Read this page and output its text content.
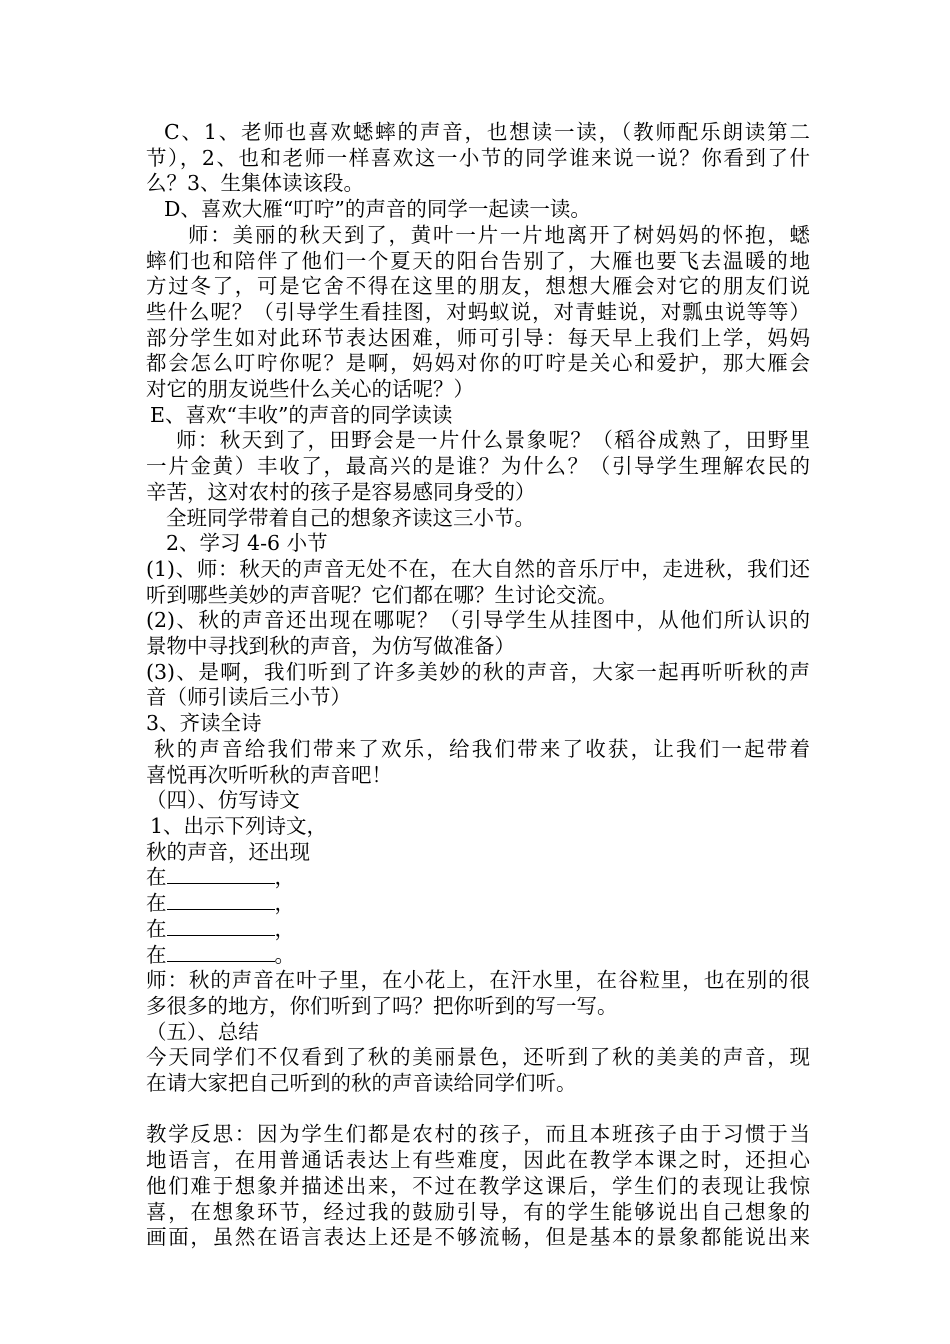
C、1、老师也喜欢蟋蟀的声音，也想读一读，（教师配乐朗读第二
节），2、也和老师一样喜欢这一小节的同学谁来说一说？你看到了什
么？3、生集体读该段。
D、喜欢大雁“叮咛”的声音的同学一起读一读。
师：美丽的秋天到了，黄叶一片一片地离开了树妈妈的怀抱，蟋
蟀们也和陪伴了他们一个夏天的阳台告别了，大雁也要飞去温暖的地
方过冬了，可是它舍不得在这里的朋友，想想大雁会对它的朋友们说
些什么呢？（引导学生看挂图，对蚂蚁说，对青蛙说，对瓢虫说等等）
部分学生如对此环节表达困难，师可引导：每天早上我们上学，妈妈
都会怎么叮咛你呢？是啊，妈妈对你的叮咛是关心和爱护，那大雁会
对它的朋友说些什么关心的话呢？）
E、喜欢“丰收”的声音的同学读读
师：秋天到了，田野会是一片什么景象呢？（稻谷成熟了，田野里
一片金黄）丰收了，最高兴的是谁？为什么？（引导学生理解农民的
辛苦，这对农村的孩子是容易感同身受的）
全班同学带着自己的想象齐读这三小节。
2、学习 4-6 小节
(1)、师：秋天的声音无处不在，在大自然的音乐厅中，走进秋，我们还
听到哪些美妙的声音呢？它们都在哪？生讨论交流。
(2)、秋的声音还出现在哪呢？（引导学生从挂图中，从他们所认识的
景物中寻找到秋的声音，为仿写做准备）
(3)、是啊，我们听到了许多美妙的秋的声音，大家一起再听听秋的声
音（师引读后三小节）
3、齐读全诗
秋的声音给我们带来了欢乐，给我们带来了收获，让我们一起带着
喜悦再次听听秋的声音吧！
（四）、仿写诗文
1、出示下列诗文，
秋的声音，还出现
在	，
在	，
在	，
在	。
师：秋的声音在叶子里，在小花上，在汗水里，在谷粒里，也在别的很
多很多的地方，你们听到了吗？把你听到的写一写。
（五）、总结
今天同学们不仅看到了秋的美丽景色，还听到了秋的美美的声音，现
在请大家把自己听到的秋的声音读给同学们听。
教学反思：因为学生们都是农村的孩子，而且本班孩子由于习惯于当
地语言，在用普通话表达上有些难度，因此在教学本课之时，还担心
他们难于想象并描述出来，不过在教学这课后，学生们的表现让我惊
喜，在想象环节，经过我的鼓励引导，有的学生能够说出自己想象的
画面，虽然在语言表达上还是不够流畅，但是基本的景象都能说出来
